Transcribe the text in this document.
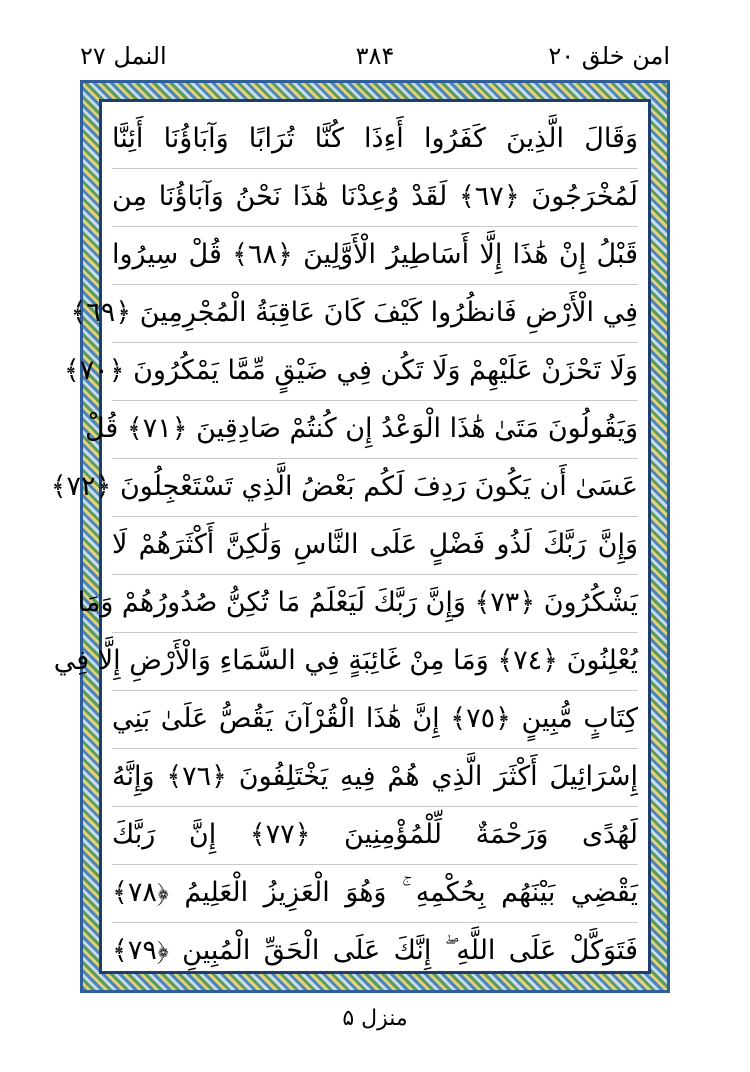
النمل ۲۷	۳۸۴	امن خلق ۲۰
وَقَالَ الَّذِينَ كَفَرُوا أَءِذَا كُنَّا تُرَابًا وَآبَاؤُنَا أَئِنَّا
لَمُخْرَجُونَ ﴿٦٧﴾ لَقَدْ وُعِدْنَا هَٰذَا نَحْنُ وَآبَاؤُنَا مِن
قَبْلُ إِنْ هَٰذَا إِلَّا أَسَاطِيرُ الْأَوَّلِينَ ﴿٦٨﴾ قُلْ سِيرُوا
فِي الْأَرْضِ فَانظُرُوا كَيْفَ كَانَ عَاقِبَةُ الْمُجْرِمِينَ ﴿٦٩﴾
وَلَا تَحْزَنْ عَلَيْهِمْ وَلَا تَكُن فِي ضَيْقٍ مِّمَّا يَمْكُرُونَ ﴿٧٠﴾
وَيَقُولُونَ مَتَىٰ هَٰذَا الْوَعْدُ إِن كُنتُمْ صَادِقِينَ ﴿٧١﴾ قُلْ
عَسَىٰ أَن يَكُونَ رَدِفَ لَكُم بَعْضُ الَّذِي تَسْتَعْجِلُونَ ﴿٧٢﴾
وَإِنَّ رَبَّكَ لَذُو فَضْلٍ عَلَى النَّاسِ وَلَٰكِنَّ أَكْثَرَهُمْ لَا
يَشْكُرُونَ ﴿٧٣﴾ وَإِنَّ رَبَّكَ لَيَعْلَمُ مَا تُكِنُّ صُدُورُهُمْ وَمَا
يُعْلِنُونَ ﴿٧٤﴾ وَمَا مِنْ غَائِبَةٍ فِي السَّمَاءِ وَالْأَرْضِ إِلَّا فِي
كِتَابٍ مُّبِينٍ ﴿٧٥﴾ إِنَّ هَٰذَا الْقُرْآنَ يَقُصُّ عَلَىٰ بَنِي
إِسْرَائِيلَ أَكْثَرَ الَّذِي هُمْ فِيهِ يَخْتَلِفُونَ ﴿٧٦﴾ وَإِنَّهُ
لَهُدًى وَرَحْمَةٌ لِّلْمُؤْمِنِينَ ﴿٧٧﴾ إِنَّ رَبَّكَ
يَقْضِي بَيْنَهُم بِحُكْمِهِ ۚ وَهُوَ الْعَزِيزُ الْعَلِيمُ ﴿٧٨﴾
فَتَوَكَّلْ عَلَى اللَّهِ ۖ إِنَّكَ عَلَى الْحَقِّ الْمُبِينِ ﴿٧٩﴾
منزل ۵
